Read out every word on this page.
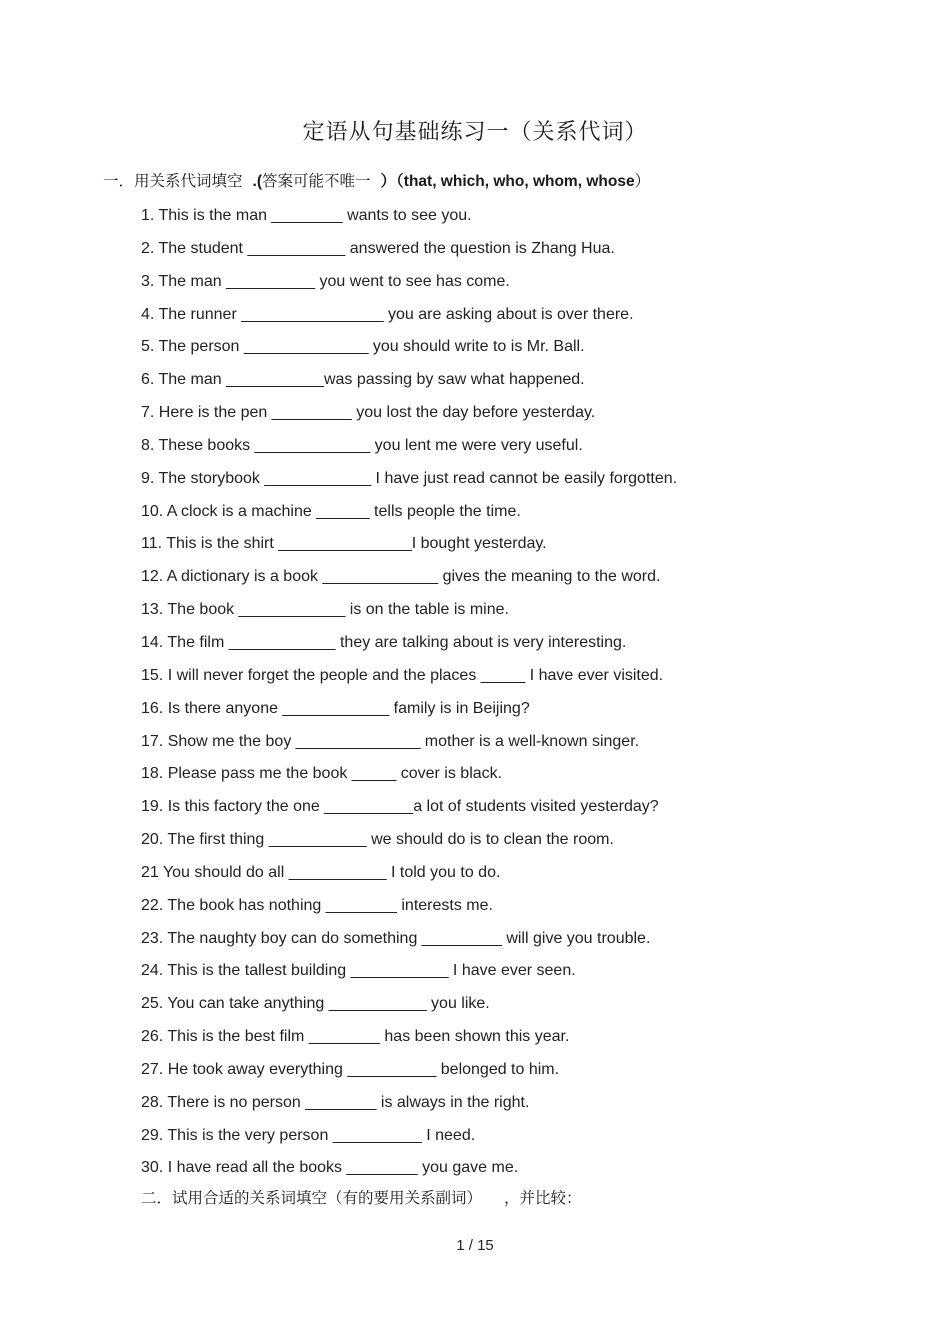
定语从句基础练习一（关系代词）
一．用关系代词填空 .(答案可能不唯一 ）（that, which, who, whom, whose）
1. This is the man ________ wants to see you.
2. The student ___________ answered the question is Zhang Hua.
3. The man __________ you went to see has come.
4. The runner ________________ you are asking about is over there.
5. The person ______________ you should write to is Mr. Ball.
6. The man ___________was passing by saw what happened.
7. Here is the pen _________ you lost the day before yesterday.
8. These books _____________ you lent me were very useful.
9. The storybook ____________ I have just read cannot be easily forgotten.
10. A clock is a machine ______ tells people the time.
11. This is the shirt _______________I bought yesterday.
12. A dictionary is a book _____________ gives the meaning to the word.
13. The book ____________ is on the table is mine.
14. The film ____________ they are talking about is very interesting.
15. I will never forget the people and the places _____ I have ever visited.
16. Is there anyone ____________ family is in Beijing?
17. Show me the boy ______________ mother is a well-known singer.
18. Please pass me the book _____ cover is black.
19. Is this factory the one __________a lot of students visited yesterday?
20. The first thing ___________ we should do is to clean the room.
21 You should do all ___________ I told you to do.
22. The book has nothing ________ interests me.
23. The naughty boy can do something _________ will give you trouble.
24. This is the tallest building ___________ I have ever seen.
25. You can take anything ___________ you like.
26. This is the best film ________ has been shown this year.
27. He took away everything __________ belonged to him.
28. There is no person ________ is always in the right.
29. This is the very person __________ I need.
30. I have read all the books ________ you gave me.
二．试用合适的关系词填空（有的要用关系副词） ，并比较：
1 / 15
